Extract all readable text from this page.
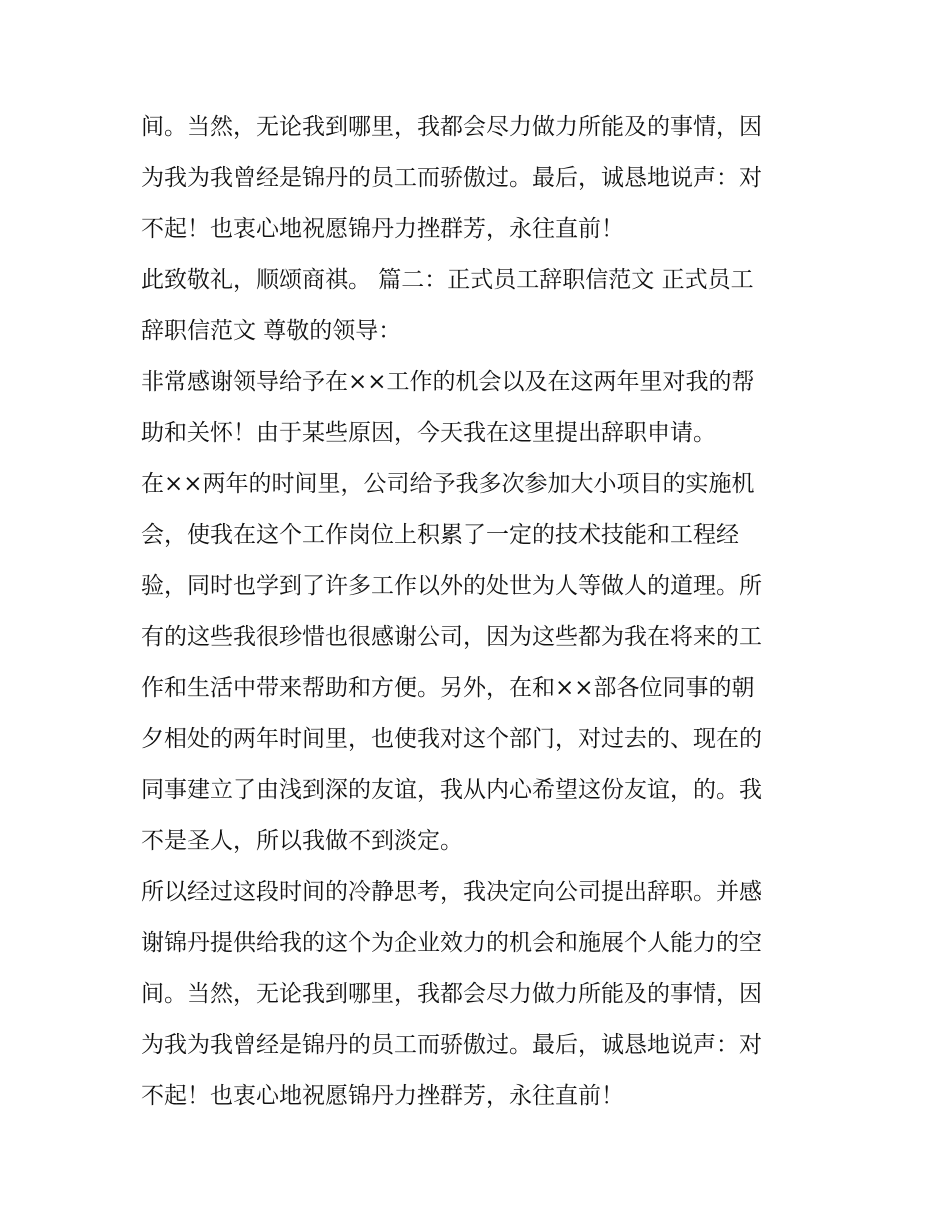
间。当然，无论我到哪里，我都会尽力做力所能及的事情，因
为我为我曾经是锦丹的员工而骄傲过。最后，诚恳地说声：对
不起！也衷心地祝愿锦丹力挫群芳，永往直前！
此致敬礼，顺颂商祺。 篇二：正式员工辞职信范文 正式员工
辞职信范文 尊敬的领导：
非常感谢领导给予在××工作的机会以及在这两年里对我的帮
助和关怀！由于某些原因，今天我在这里提出辞职申请。
在××两年的时间里，公司给予我多次参加大小项目的实施机
会，使我在这个工作岗位上积累了一定的技术技能和工程经
验，同时也学到了许多工作以外的处世为人等做人的道理。所
有的这些我很珍惜也很感谢公司，因为这些都为我在将来的工
作和生活中带来帮助和方便。另外，在和××部各位同事的朝
夕相处的两年时间里，也使我对这个部门，对过去的、现在的
同事建立了由浅到深的友谊，我从内心希望这份友谊，的。我
不是圣人，所以我做不到淡定。
所以经过这段时间的冷静思考，我决定向公司提出辞职。并感
谢锦丹提供给我的这个为企业效力的机会和施展个人能力的空
间。当然，无论我到哪里，我都会尽力做力所能及的事情，因
为我为我曾经是锦丹的员工而骄傲过。最后，诚恳地说声：对
不起！也衷心地祝愿锦丹力挫群芳，永往直前！
